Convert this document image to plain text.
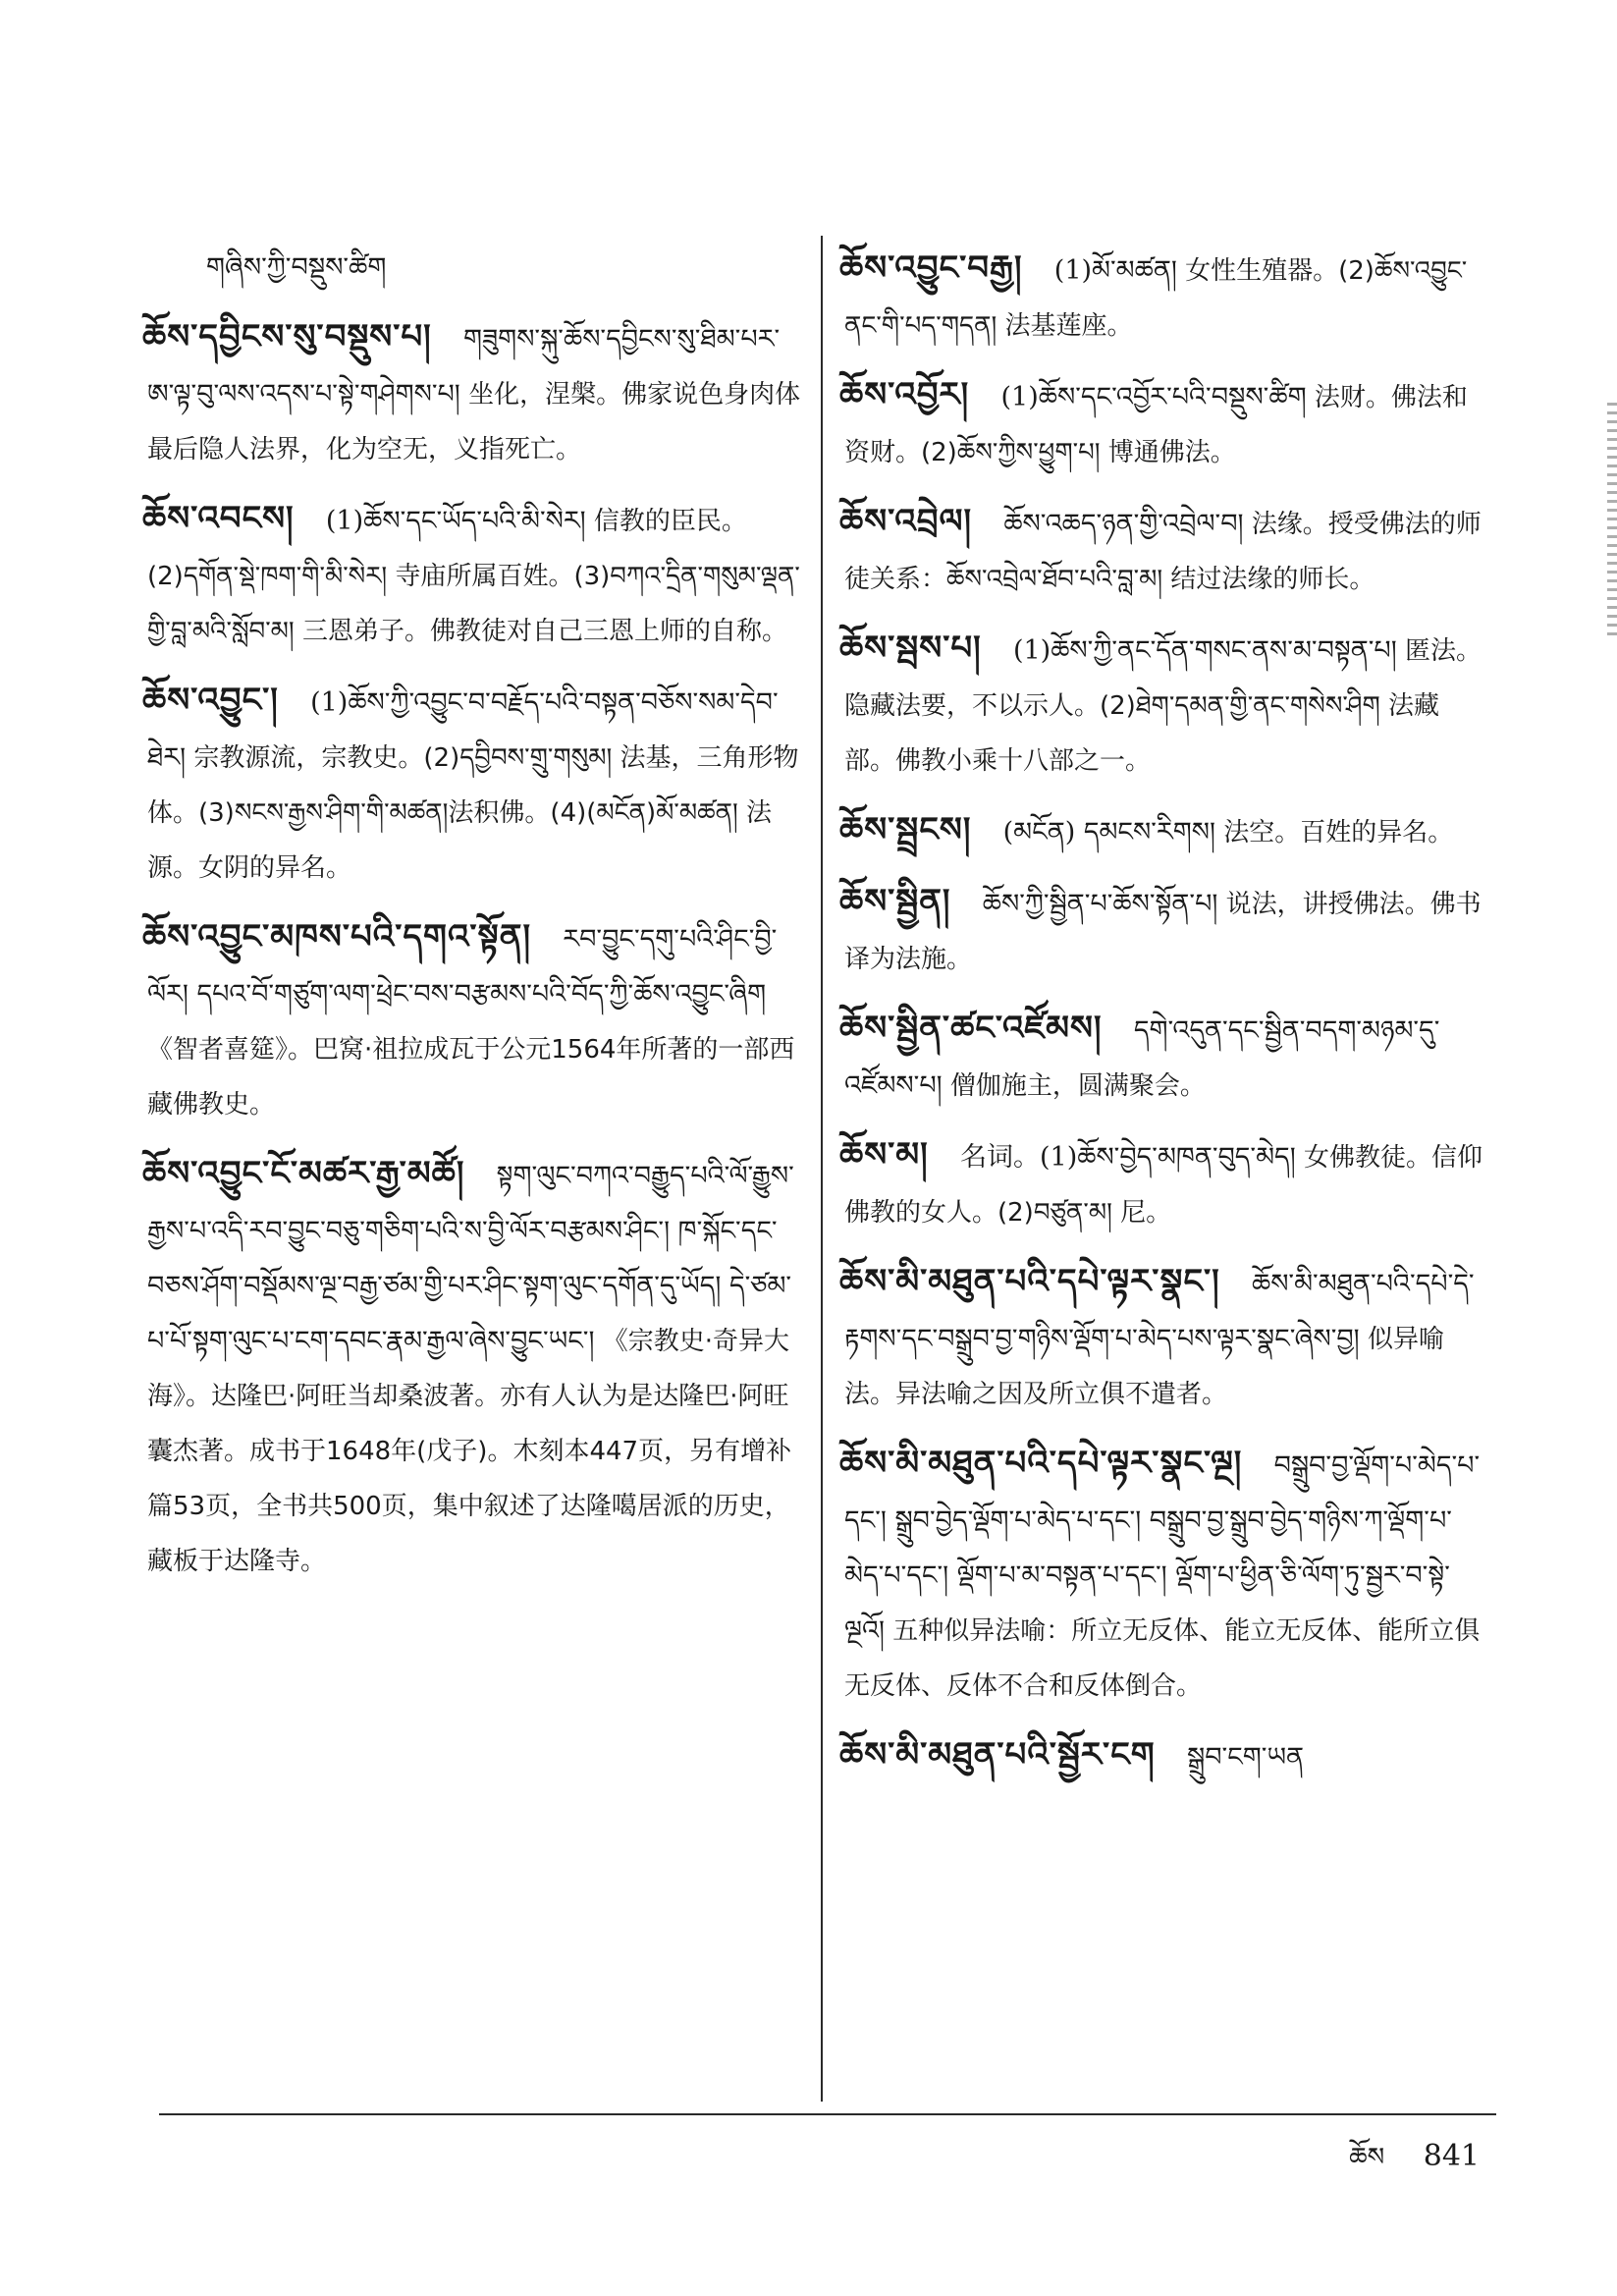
གཞིས་ཀྱི་བསྡུས་ཚིག
ཆོས་དབྱིངས་སུ་བསྡུས་པ། གཟུགས་སྐུ་ཆོས་དབྱིངས་སུ་ཐིམ་པར་ཨ་ལྟ་བུ་ལས་འདས་པ་སྟེ་གཤེགས་པ། 坐化，涅槃。佛家说色身肉体最后隐人法界，化为空无，义指死亡。
ཆོས་འབངས། (1)ཆོས་དང་ཡོད་པའི་མི་སེར། 信教的臣民。(2)དགོན་སྡེ་ཁག་གི་མི་སེར། 寺庙所属百姓。(3)བཀའ་དྲིན་གསུམ་ལྡན་གྱི་བླ་མའི་སློབ་མ། 三恩弟子。佛教徒对自己三恩上师的自称。
ཆོས་འབྱུང་། (1)ཆོས་ཀྱི་འབྱུང་བ་བརྗོད་པའི་བསྟན་བཅོས་སམ་དེབ་ཐེར། 宗教源流，宗教史。(2)དབྱིབས་གྲུ་གསུམ། 法基，三角形物体。(3)སངས་རྒྱས་ཤིག་གི་མཚན།法积佛。(4)(མངོན)མོ་མཚན། 法源。女阴的异名。
ཆོས་འབྱུང་མཁས་པའི་དགའ་སྟོན། རབ་བྱུང་དགུ་པའི་ཤིང་བྱི་ལོར། དཔའ་བོ་གཙུག་ལག་ཕྲེང་བས་བརྩམས་པའི་བོད་ཀྱི་ཆོས་འབྱུང་ཞིག 《智者喜筵》。巴窝·祖拉成瓦于公元1564年所著的一部西藏佛教史。
ཆོས་འབྱུང་ངོ་མཚར་རྒྱ་མཚོ། སྟག་ལུང་བཀའ་བརྒྱུད་པའི་ལོ་རྒྱུས་རྒྱས་པ་འདི་རབ་བྱུང་བཅུ་གཅིག་པའི་ས་བྱི་ལོར་བརྩམས་ཤིང་། ཁ་སྐོང་དང་བཅས་ཤོག་བསྡོམས་ལྔ་བརྒྱ་ཙམ་གྱི་པར་ཤིང་སྟག་ལུང་དགོན་དུ་ཡོད། དེ་ཙམ་པ་པོ་སྟག་ལུང་པ་ངག་དབང་རྣམ་རྒྱལ་ཞེས་བྱུང་ཡང་། 《宗教史·奇异大海》。达隆巴·阿旺当却桑波著。亦有人认为是达隆巴·阿旺囊杰著。成书于1648年(戊子)。木刻本447页，另有增补篇53页，全书共500页，集中叙述了达隆噶居派的历史，藏板于达隆寺。
ཆོས་འབྱུང་བརྒྱ། (1)མོ་མཚན། 女性生殖器。(2)ཆོས་འབྱུང་ནང་གི་པད་གདན། 法基莲座。
ཆོས་འབྱོར། (1)ཆོས་དང་འབྱོར་པའི་བསྡུས་ཚིག 法财。佛法和资财。(2)ཆོས་ཀྱིས་ཕྱུག་པ། 博通佛法。
ཆོས་འབྲེལ། ཆོས་འཆད་ཉན་གྱི་འབྲེལ་བ། 法缘。授受佛法的师徒关系：ཆོས་འབྲེལ་ཐོབ་པའི་བླ་མ། 结过法缘的师长。
ཆོས་སྦས་པ། (1)ཆོས་ཀྱི་ནང་དོན་གསང་ནས་མ་བསྟན་པ། 匿法。隐藏法要，不以示人。(2)ཐེག་དམན་གྱི་ནང་གསེས་ཤིག 法藏部。佛教小乘十八部之一。
ཆོས་སྦྲངས། (མངོན) དམངས་རིགས། 法空。百姓的异名。
ཆོས་སྦྱིན། ཆོས་ཀྱི་སྦྱིན་པ་ཆོས་སྟོན་པ། 说法，讲授佛法。佛书译为法施。
ཆོས་སྦྱིན་ཚང་འཛོམས། དགེ་འདུན་དང་སྦྱིན་བདག་མཉམ་དུ་འཛོམས་པ། 僧伽施主，圆满聚会。
ཆོས་མ། 名词。(1)ཆོས་བྱེད་མཁན་བུད་མེད། 女佛教徒。信仰佛教的女人。(2)བཙུན་མ། 尼。
ཆོས་མི་མཐུན་པའི་དཔེ་ལྟར་སྣང་། ཆོས་མི་མཐུན་པའི་དཔེ་དེ་རྟགས་དང་བསྒྲུབ་བྱ་གཉིས་ལྡོག་པ་མེད་པས་ལྟར་སྣང་ཞེས་བྱ། 似异喻法。异法喻之因及所立俱不遣者。
ཆོས་མི་མཐུན་པའི་དཔེ་ལྟར་སྣང་ལྔ། བསྒྲུབ་བྱ་ལྡོག་པ་མེད་པ་དང་། སྒྲུབ་བྱེད་ལྡོག་པ་མེད་པ་དང་། བསྒྲུབ་བྱ་སྒྲུབ་བྱེད་གཉིས་ཀ་ལྡོག་པ་མེད་པ་དང་། ལྡོག་པ་མ་བསྟན་པ་དང་། ལྡོག་པ་ཕྱིན་ཅི་ལོག་ཏུ་སྦྱར་བ་སྟེ་ལྔའོ། 五种似异法喻：所立无反体、能立无反体、能所立俱无反体、反体不合和反体倒合。
ཆོས་མི་མཐུན་པའི་སྦྱོར་ངག སྒྲུབ་ངག་ཡན
ཆོས 841
